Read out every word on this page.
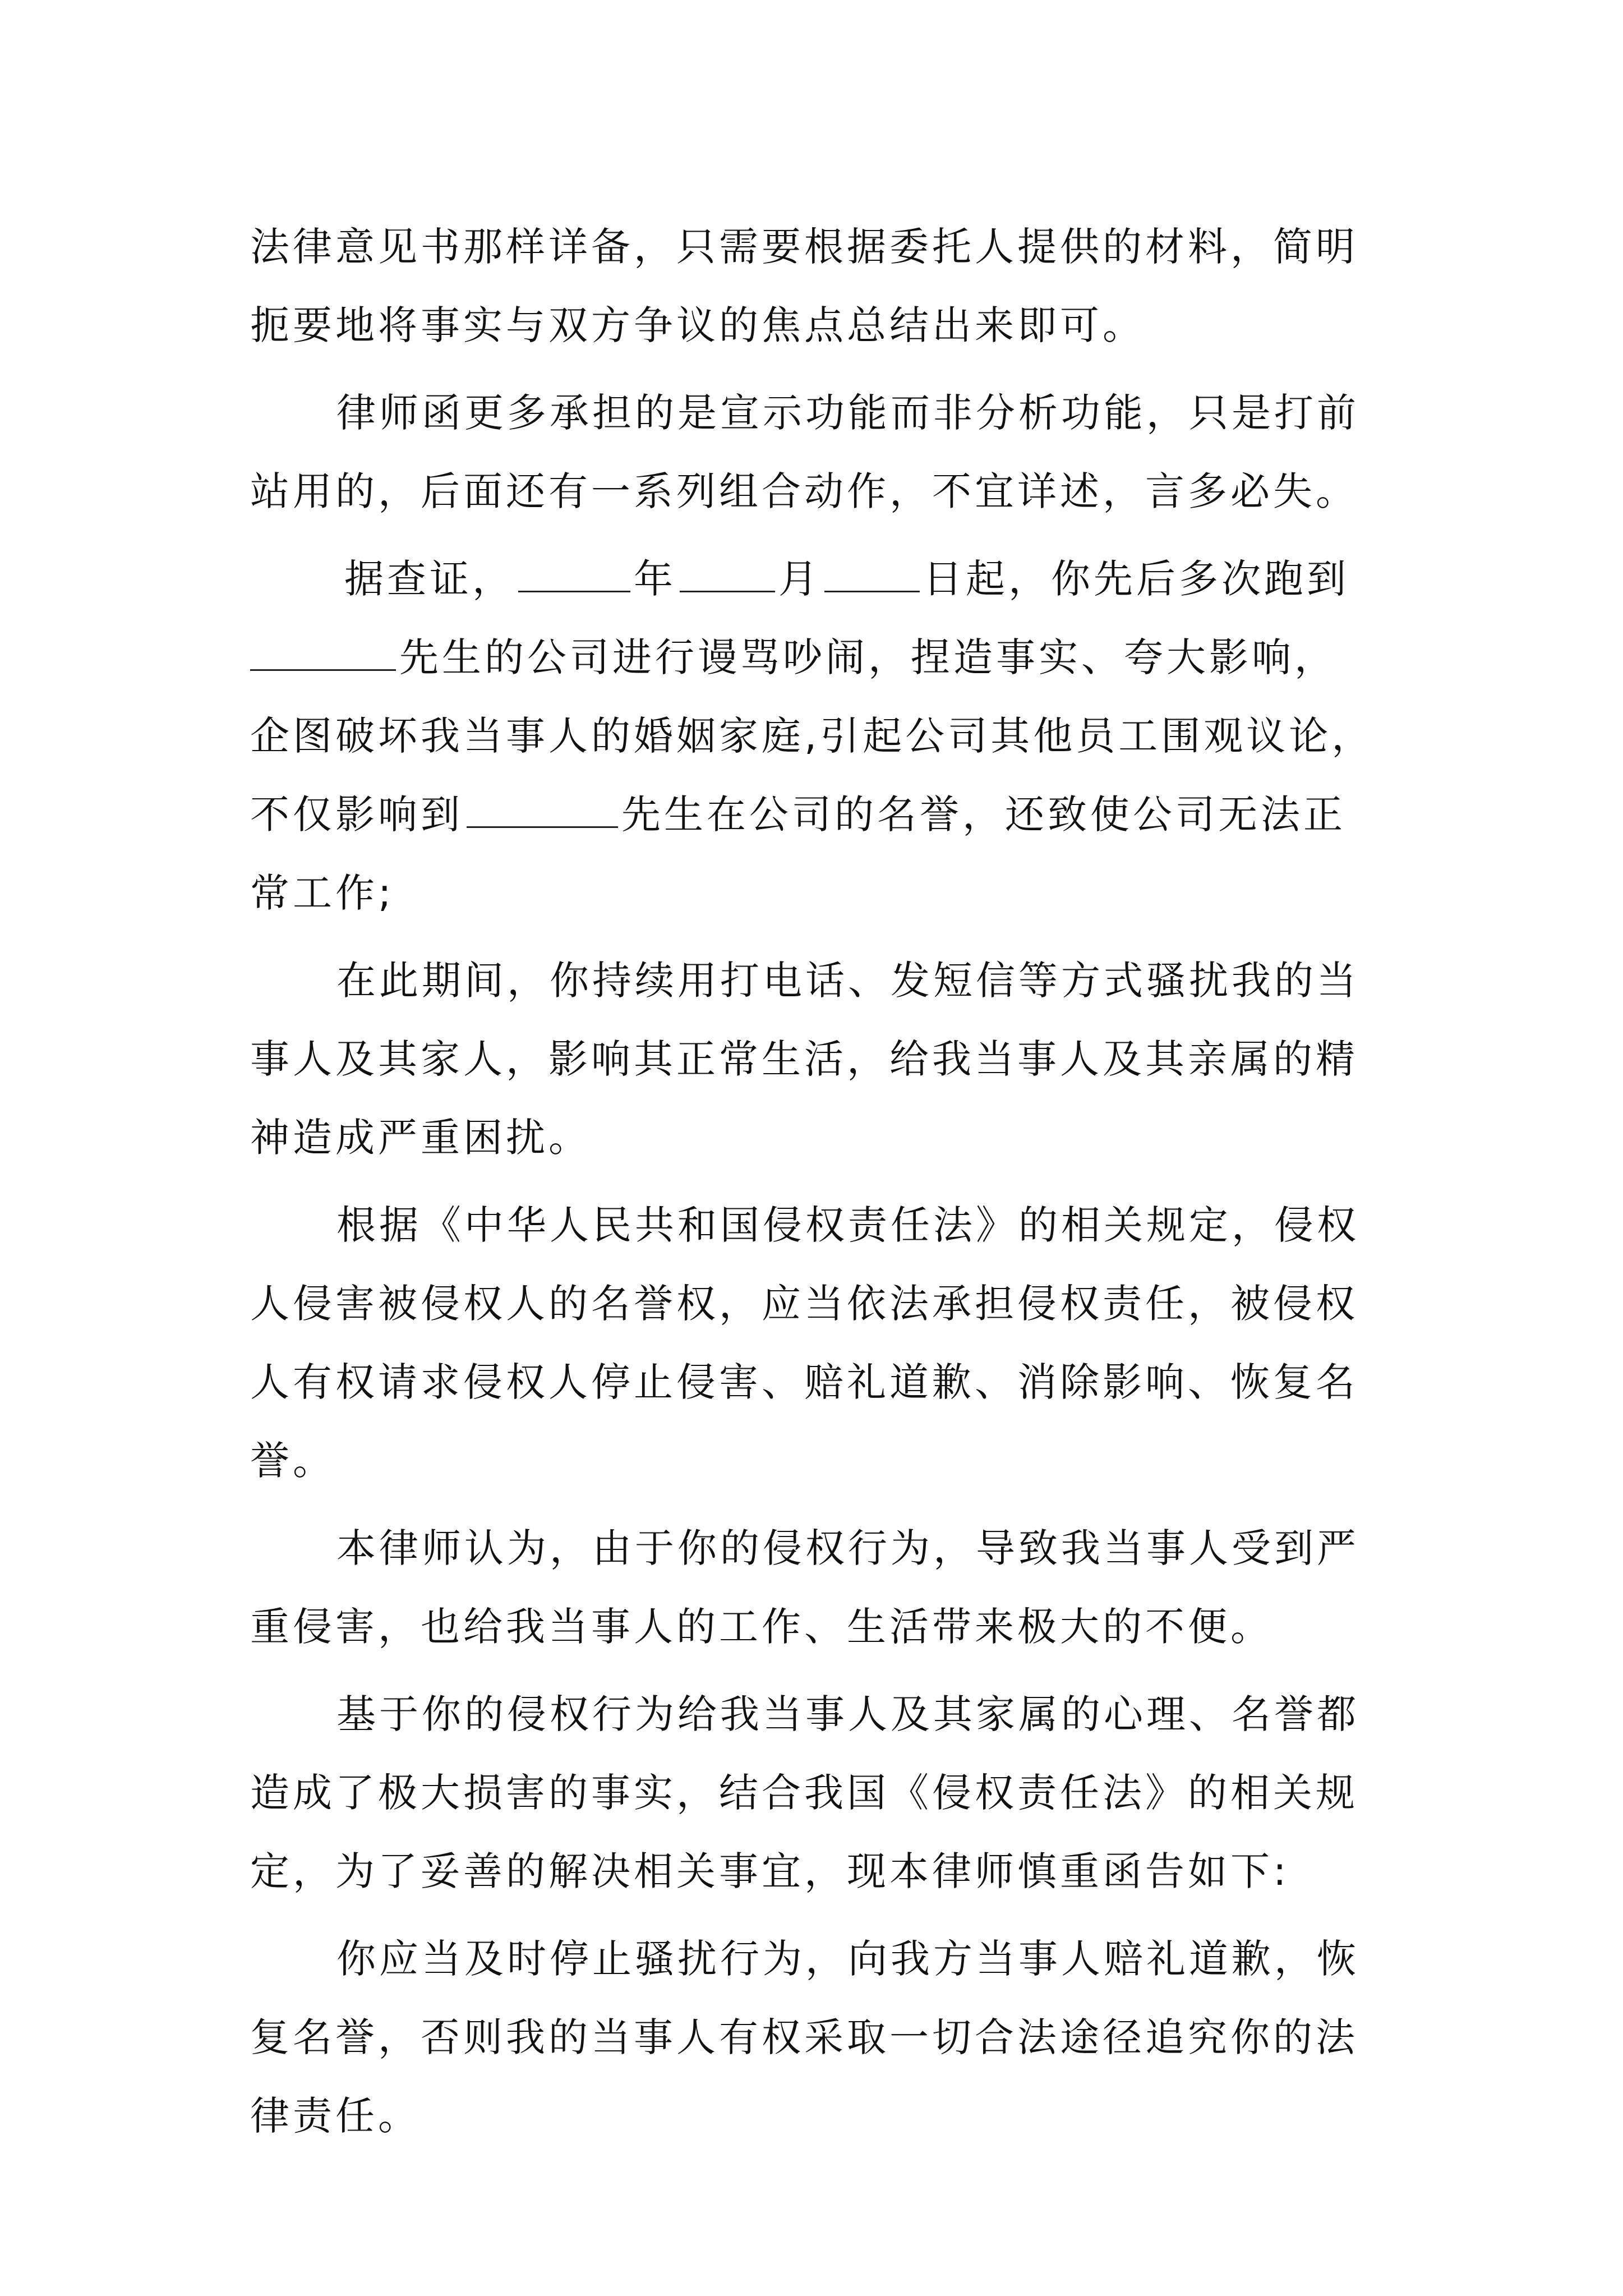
法律意见书那样详备，只需要根据委托人提供的材料，简明
扼要地将事实与双方争议的焦点总结出来即可。
律师函更多承担的是宣示功能而非分析功能，只是打前
站用的，后面还有一系列组合动作，不宜详述，言多必失。
据查证，	年	月	日起，你先后多次跑到
先生的公司进行谩骂吵闹，捏造事实、夸大影响，
企图破坏我当事人的婚姻家庭,引起公司其他员工围观议论，
不仅影响到	先生在公司的名誉，还致使公司无法正
常工作;
在此期间，你持续用打电话、发短信等方式骚扰我的当
事人及其家人，影响其正常生活，给我当事人及其亲属的精
神造成严重困扰。
根据《中华人民共和国侵权责任法》的相关规定，侵权
人侵害被侵权人的名誉权，应当依法承担侵权责任，被侵权
人有权请求侵权人停止侵害、赔礼道歉、消除影响、恢复名
誉。
本律师认为，由于你的侵权行为，导致我当事人受到严
重侵害，也给我当事人的工作、生活带来极大的不便。
基于你的侵权行为给我当事人及其家属的心理、名誉都
造成了极大损害的事实，结合我国《侵权责任法》的相关规
定，为了妥善的解决相关事宜，现本律师慎重函告如下:
你应当及时停止骚扰行为，向我方当事人赔礼道歉，恢
复名誉，否则我的当事人有权采取一切合法途径追究你的法
律责任。
